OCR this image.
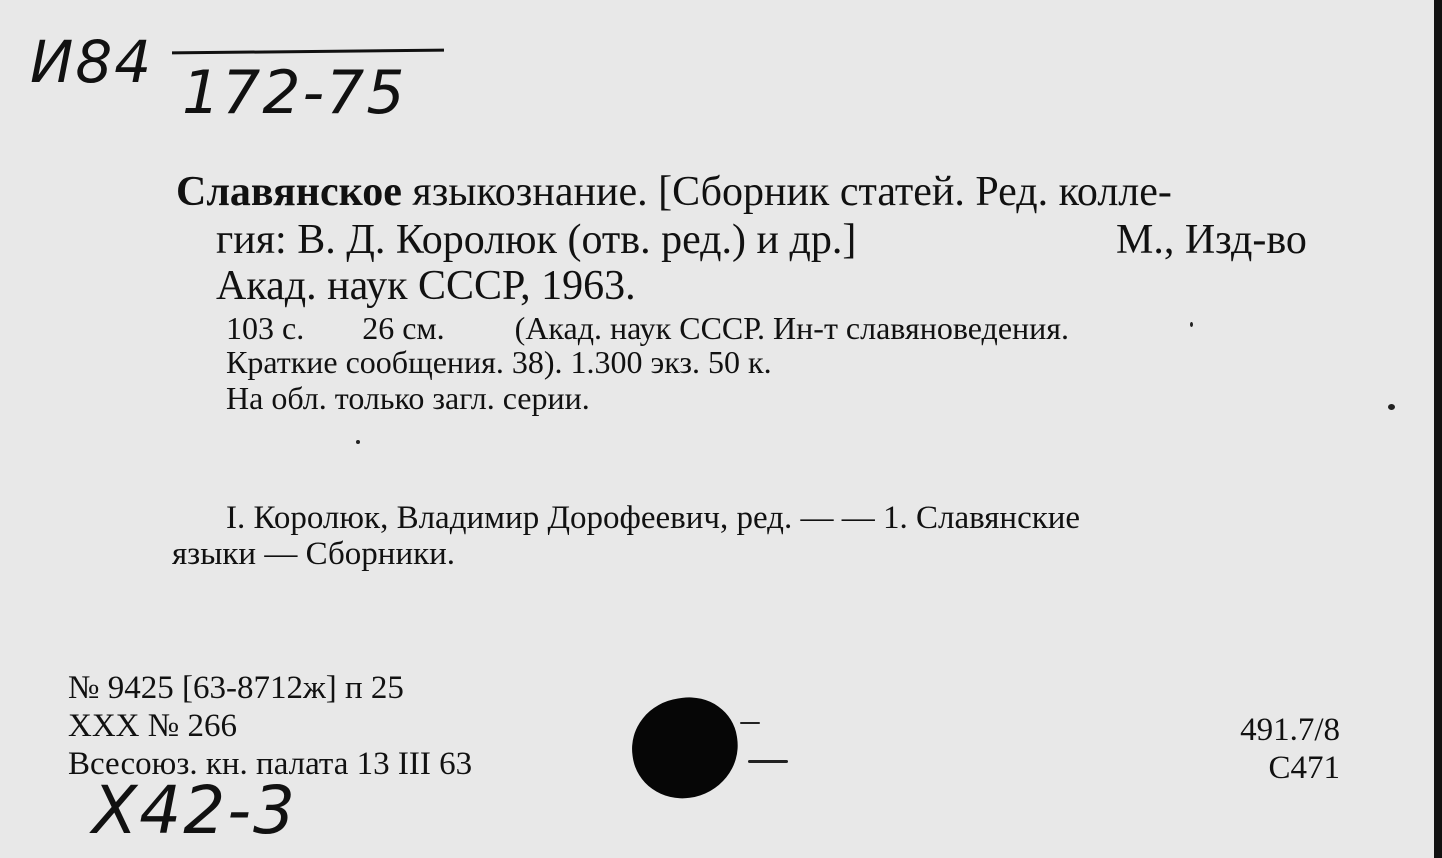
И84 172-75
Славянское языкознание. [Сборник статей. Ред. колле-
гия: В. Д. Королюк (отв. ред.) и др.]	М., Изд-во
Акад. наук СССР, 1963.
103 с. 26 см. (Акад. наук СССР. Ин-т славяноведения.
Краткие сообщения. 38). 1.300 экз. 50 к.
На обл. только загл. серии.
I. Королюк, Владимир Дорофеевич, ред. — — 1. Славянские
языки — Сборники.
№ 9425 [63-8712ж] п 25
XXX № 266
Всесоюз. кн. палата 13 III 63
491.7/8
С471
Х42-3
